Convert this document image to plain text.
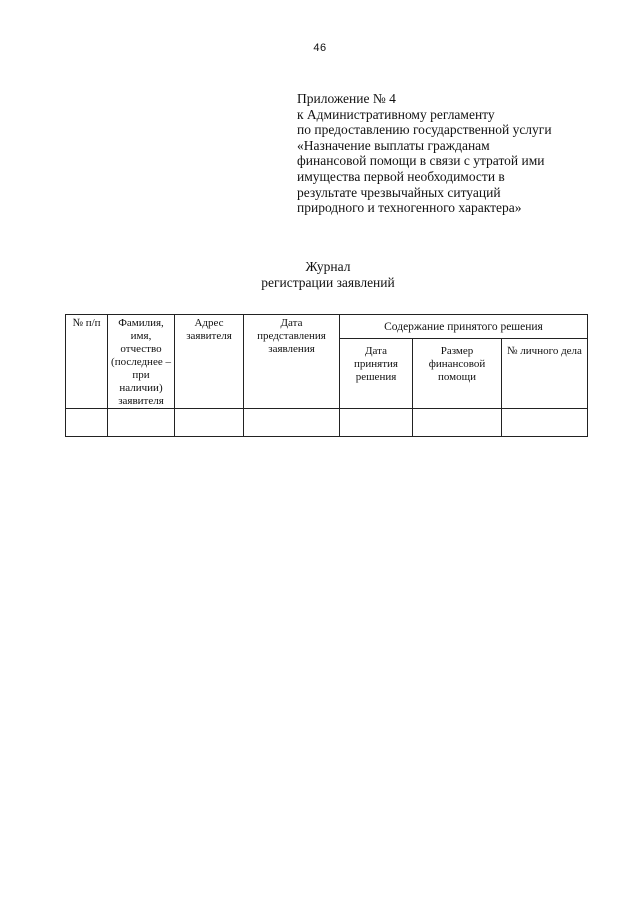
46
Приложение № 4
к Административному регламенту
по предоставлению государственной услуги
«Назначение выплаты гражданам
финансовой помощи в связи с утратой ими
имущества первой необходимости в
результате чрезвычайных ситуаций
природного и техногенного характера»
Журнал
регистрации заявлений
№ п/п	Фамилия, имя, отчество (последнее – при наличии) заявителя	Адрес заявителя	Дата представления заявления	Содержание принятого решения		
				Дата принятия решения	Размер финансовой помощи	№ личного дела
